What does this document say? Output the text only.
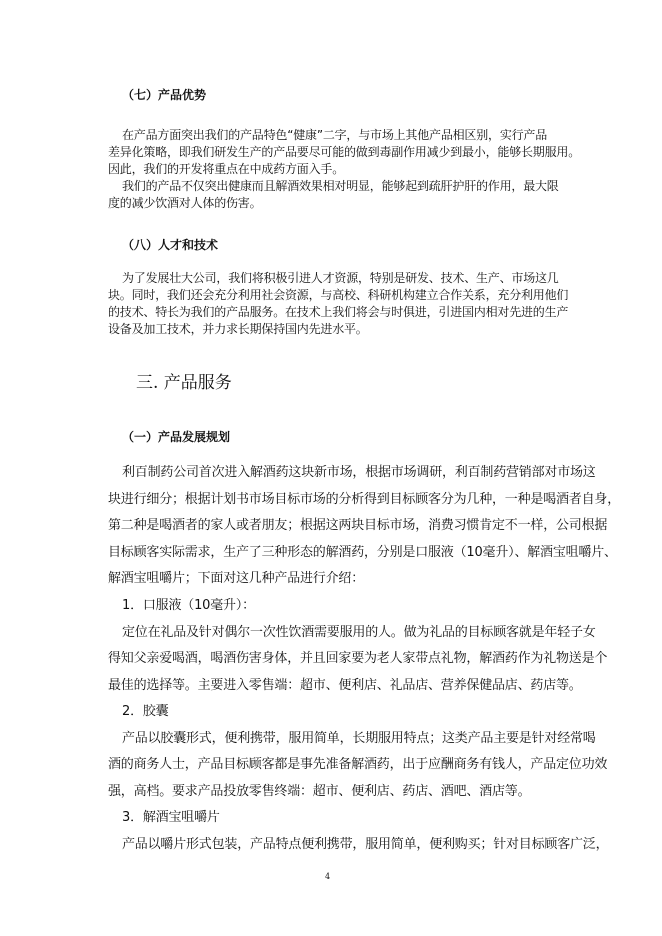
（七）产品优势
在产品方面突出我们的产品特色“健康”二字，与市场上其他产品相区别，实行产品
差异化策略，即我们研发生产的产品要尽可能的做到毒副作用减少到最小，能够长期服用。
因此，我们的开发将重点在中成药方面入手。
我们的产品不仅突出健康而且解酒效果相对明显，能够起到疏肝护肝的作用，最大限
度的减少饮酒对人体的伤害。
（八）人才和技术
为了发展壮大公司，我们将积极引进人才资源，特别是研发、技术、生产、市场这几
块。同时，我们还会充分利用社会资源，与高校、科研机构建立合作关系，充分利用他们
的技术、特长为我们的产品服务。在技术上我们将会与时俱进，引进国内相对先进的生产
设备及加工技术，并力求长期保持国内先进水平。
三. 产品服务
（一）产品发展规划
利百制药公司首次进入解酒药这块新市场，根据市场调研，利百制药营销部对市场这
块进行细分；根据计划书市场目标市场的分析得到目标顾客分为几种，一种是喝酒者自身，
第二种是喝酒者的家人或者朋友；根据这两块目标市场，消费习惯肯定不一样，公司根据
目标顾客实际需求，生产了三种形态的解酒药，分别是口服液（10毫升）、解酒宝咀嚼片、
解酒宝咀嚼片；下面对这几种产品进行介绍：
1．口服液（10毫升）：
定位在礼品及针对偶尔一次性饮酒需要服用的人。做为礼品的目标顾客就是年轻子女
得知父亲爱喝酒，喝酒伤害身体，并且回家要为老人家带点礼物，解酒药作为礼物送是个
最佳的选择等。主要进入零售端：超市、便利店、礼品店、营养保健品店、药店等。
2．胶囊
产品以胶囊形式，便利携带，服用简单，长期服用特点；这类产品主要是针对经常喝
酒的商务人士，产品目标顾客都是事先准备解酒药，出于应酬商务有钱人，产品定位功效
强，高档。要求产品投放零售终端：超市、便利店、药店、酒吧、酒店等。
3．解酒宝咀嚼片
产品以嚼片形式包装，产品特点便利携带，服用简单，便利购买；针对目标顾客广泛，
4
